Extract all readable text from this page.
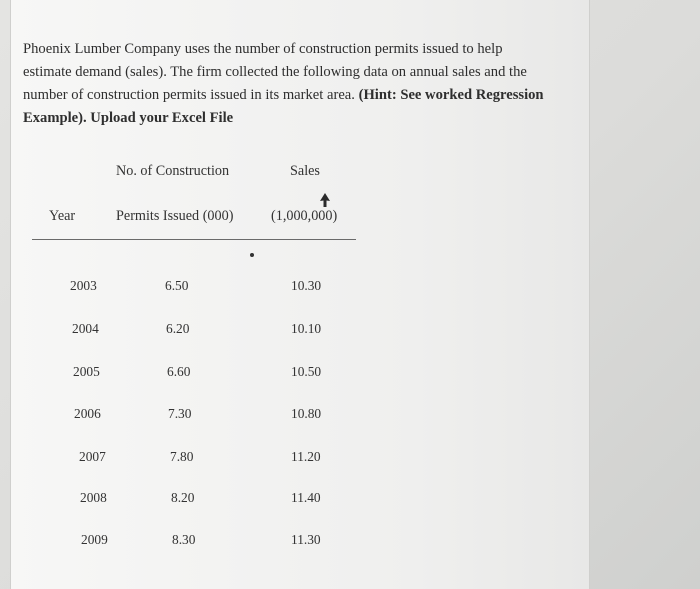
Phoenix Lumber Company uses the number of construction permits issued to help estimate demand (sales). The firm collected the following data on annual sales and the number of construction permits issued in its market area. (Hint: See worked Regression Example). Upload your Excel File
No. of Construction	Sales
Year	Permits Issued (000)	(1,000,000)
2003	6.50	10.30
2004	6.20	10.10
2005	6.60	10.50
2006	7.30	10.80
2007	7.80	11.20
2008	8.20	11.40
2009	8.30	11.30
